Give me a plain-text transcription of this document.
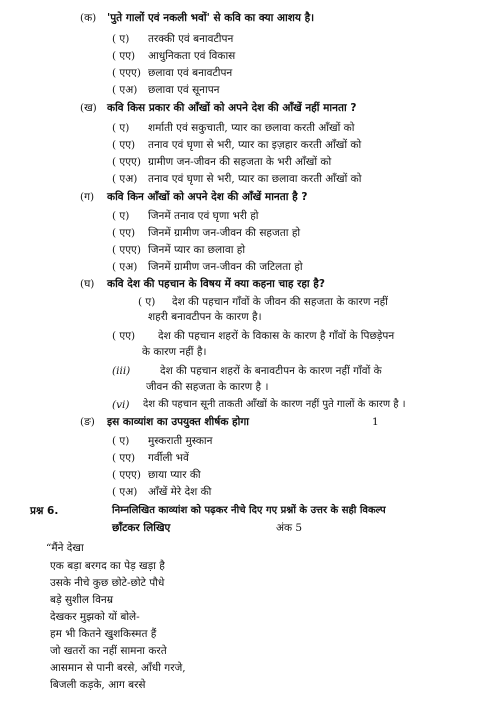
(क) 'पुते गालों एवं नकली भवों' से कवि का क्या आशय है।
( ए) तरक्की एवं बनावटीपन
( एए) आधुनिकता एवं विकास
( एएए) छलावा एवं बनावटीपन
( एअ) छलावा एवं सूनापन
(ख) कवि किस प्रकार की आँखों को अपने देश की आँखें नहीं मानता ?
( ए) शर्माती एवं सकुचाती, प्यार का छलावा करती आँखों को
( एए) तनाव एवं घृणा से भरी, प्यार का इज़हार करती आँखों को
( एएए) ग्रामीण जन-जीवन की सहजता के भरी आँखों को
( एअ) तनाव एवं घृणा से भरी, प्यार का छलावा करती आँखों को
(ग) कवि किन आँखों को अपने देश की आँखें मानता है ?
( ए) जिनमें तनाव एवं घृणा भरी हो
( एए) जिनमें ग्रामीण जन-जीवन की सहजता हो
( एएए) जिनमें प्यार का छलावा हो
( एअ) जिनमें ग्रामीण जन-जीवन की जटिलता हो
(घ) कवि देश की पहचान के विषय में क्या कहना चाह रहा है?
( ए) देश की पहचान गाँवों के जीवन की सहजता के कारण नहीं
शहरी बनावटीपन के कारण है।
( एए) देश की पहचान शहरों के विकास के कारण है गाँवों के पिछड़ेपन
के कारण नहीं है।
(iii)	देश की पहचान शहरों के बनावटीपन के कारण नहीं गाँवों के
जीवन की सहजता के कारण है ।
(vi) देश की पहचान सूनी ताकती आँखों के कारण नहीं पुते गालों के कारण है ।
(ङ) इस काव्यांश का उपयुक्त शीर्षक होगा	1
( ए) मुस्कराती मुस्कान
( एए) गर्वीली भवें
( एएए) छाया प्यार की
( एअ) आँखें मेरे देश की
प्रश्न 6.	निम्नलिखित काव्यांश को पढ़कर नीचे दिए गए प्रश्नों के उत्तर के सही विकल्प
छाँटकर लिखिए	अंक 5
“मैंने देखा
एक बड़ा बरगद का पेड़ खड़ा है
उसके नीचे कुछ छोटे-छोटे पौधे
बड़े सुशील विनम्र
देखकर मुझको यों बोले-
हम भी कितने खुशकिस्मत हैं
जो खतरों का नहीं सामना करते
आसमान से पानी बरसे, आँधी गरजे,
बिजली कड़के, आग बरसे
